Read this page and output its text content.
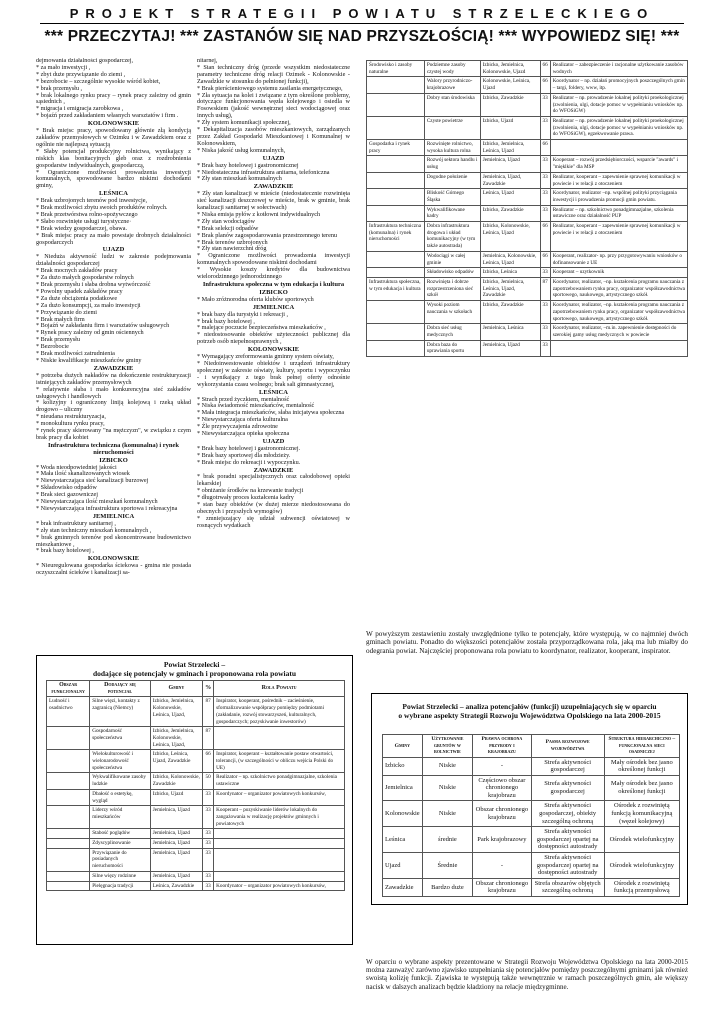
PROJEKT STRATEGII POWIATU STRZELECKIEGO
*** PRZECZYTAJ! *** ZASTANÓW SIĘ NAD PRZYSZŁOŚCIĄ! *** WYPOWIEDZ SIĘ! ***

dejmowania działalności gospodarczej,

* za mało inwestycji ,

* zbyt duże przywiązanie do ziemi ,

* bezrobocie – szczególnie wysokie wśród kobiet,

* brak przemysłu ,

* brak lokalnego rynku pracy – rynek pracy zależny od gmin sąsiednich ,

* migracja i emigracja zarobkowa ,

* bojaźń przed zakładaniem własnych warsztatów i firm .

KOLONOWSKIE

* Brak miejsc pracy, spowodowany głównie złą kondycją zakładów przemysłowych w Ozimku i w Zawadzkiem oraz z ogólnie nie najlepszą sytuacją

* Słaby potencjał produkcyjny rolnictwa, wynikający z niskich klas bonitacyjnych gleb oraz z rozdrobnienia gospodarstw indywidualnych, gospodarczą,

* Ograniczone możliwości prowadzenia inwestycji komunalnych, spowodowane bardzo niskimi dochodami gminy,

LEŚNICA

* Brak uzbrojonych terenów pod inwestycje,

* Brak możliwości zbytu swoich produktów rolnych.

* Brak przetwórstwa rolno-spożywczego

* Słabo rozwinięte usługi turystyczne·

* Brak wiedzy gospodarczej, obawa.

* Brak miejsc pracy za mało powstaje drobnych działalności gospodarczych

UJAZD

* Nieduża aktywność ludzi w zakresie podejmowania działalności gospodarczej

* Brak mocnych zakładów pracy

* Za dużo małych gospodarstw rolnych

* Brak przemysłu i słaba drobna wytwórczość

* Powolny upadek zakładów pracy

* Za duże obciążenia podatkowe

* Za dużo konsumpcji, za mało inwestycji

* Przywiązanie do ziemi

* Brak małych firm

* Bojaźń w zakładaniu firm i warsztatów usługowych

* Rynek pracy zależny od gmin ościennych

* Brak przemysłu

* Bezrobocie

* Brak możliwości zatrudnienia

* Niskie kwalifikacje mieszkańców gminy

ZAWADZKIE

* potrzeba dużych nakładów na dokończenie restrukturyzacji istniejących zakładów przemysłowych

* relatywnie słaba i mało konkurencyjna sieć zakładów usługowych i handlowych

* kolizyjny i ograniczony liniją kolejową i rzeką układ drogowo – uliczny

* nieudana restrukturyzacja,

* monokultura rynku pracy,

* rynek pracy skierowany "na mężczyzn", w związku z czym brak pracy dla kobiet

Infrastruktura techniczna (komunalna) i rynek nieruchomości

IZBICKO

* Woda nieodpowiedniej jakości

* Mała ilość skanalizowanych wiosek

* Niewystarczająca sieć kanalizacji burzowej

* Składowisko odpadów

* Brak sieci gazowniczej

* Niewystarczająca ilość mieszkań komunalnych

* Niewystarczająca infrastruktura sportowa i rekreacyjna

JEMIELNICA

* brak infrastruktury sanitarnej ,

* zły stan techniczny mieszkań komunalnych ,

* brak gminnych terenów pod skoncentrowane budownictwo mieszkaniowe ,

* brak bazy hotelowej ,

KOLONOWSKIE

* Nieuregulowana gospodarka ściekowa - gmina nie posiada oczyszczalni ścieków i kanalizacji sa-

nitarnej,

* Stan techniczny dróg (przede wszystkim niedostateczne parametry techniczne dróg relacji Ozimek - Kolonowskie - Zawadzkie w stosunku do pełnionej funkcji),

* Brak pierścieniowego systemu zasilania energetycznego,

* Zła sytuacja na kolei i związane z tym określone problemy, dotyczące funkcjonowania węzła kolejowego i osiedla w Fosowskiem (jakość wewnętrznej sieci wodociągowej oraz innych usług),

* Zły system komunikacji społecznej,

* Dekapitalizacja zasobów mieszkaniowych, zarządzanych przez Zakład Gospodarki Mieszkaniowej i Komunalnej w Kolonowskiem,

* Niska jakość usług komunalnych,

UJAZD

* Brak bazy hotelowej i gastronomicznej

* Niedostateczna infrastruktura anitarna, telefoniczna

* Zły stan mieszkań komunalnych

ZAWADZKIE

* Zły stan kanalizacji w mieście (niedostatecznie rozwinięta sieć kanalizacji deszczowej w mieście, brak w gminie, brak kanalizacji sanitarnej w sołectwach)

* Niska emisja pyłów z kotłowni indywidualnych

* Zły stan wodociągów

* Brak selekcji odpadów

* Brak planów zagospodarowania przestrzennego terenu

* Brak terenów uzbrojonych

* Zły stan nawierzchni dróg

* Ograniczone możliwości prowadzenia inwestycji komunalnych spowodowane niskimi dochodami

* Wysokie koszty kredytów dla budownictwa wielorodzinnego jednorodzinnego

Infrastruktura społeczna w tym edukacja i kultura

IZBICKO

* Mało zróżnorodna oferta klubów sportowych

JEMIELNICA

* brak bazy dla turystyki i rekreacji ,

* brak bazy hotelowej ,

* malejące poczucie bezpieczeństwa mieszkańców ,

* niedostosowanie obiektów użyteczności publicznej dla potrzeb osób niepełnosprawnych ,

KOLONOWSKIE

* Wymagający zreformowania gminny system oświaty,

* Niedoinwestowanie obiektów i urządzeń infrastruktury społecznej w zakresie oświaty, kultury, sportu i wypoczynku - i wynikający z tego brak pełnej oferty odnośnie wykorzystania czasu wolnego; brak sali gimnastycznej,

LEŚNICA

* Strach przed życzkiem, mentalność

* Niska świadomość mieszkańców, mentalność

* Mała integracja mieszkańców, słaba inicjatywa społeczna

* Niewystarczająca oferta kulturalna

* Źle przywyczajenia zdrowotne

* Niewystarczająca opieka społeczna

UJAZD

* Brak bazy hotelowej i gastronomicznej.

* Brak bazy sportowej dla młodzieży.

* Brak miejsc do rekreacji i wypoczynku.

ZAWADZKIE

* brak poradni specjalistycznych oraz całodobowej opieki lekarskiej

* obniżanie środków na krzewanie tradycji

* długotrwały proces kształcenia kadry

* stan bazy obiektów (w dużej mierze niedostosowana do obecnych i przyszłych wymogów)

* zmniejszający się udział subwencji oświatowej w rosnących wydatkach

Środowisko i zasoby naturalne	Podziemne zasoby czystej wody	Izbicko, Jemielnica, Kolonowskie, Ujazd	66	Realizator – zabezpieczenie i racjonalne użytkowanie zasobów wodnych
	Walory przyrodniczo-krajobrazowe	Kolonowskie, Leśnica, Ujazd	66	Koordynator – np. działań promocyjnych poszczególnych gmin – targi, foldery, www, itp.
	Dobry stan środowiska	Izbicko, Zawadzkie	33	Realizator – np. prowadzenie lokalnej polityki proekologicznej (zwolnienia, ulgi, dotacje pomoc w wypełnianiu wniosków np. do WFOSiGW)
	Czyste powietrze	Izbicko, Ujazd	33	Realizator – np. prowadzenie lokalnej polityki proekologicznej (zwolnienia, ulgi, dotacje pomoc w wypełnianiu wniosków np. do WFOSiGW), egzekwowanie prawa.
Gospodarka i rynek pracy	Rozwinięte rolnictwo, wysoka kultura rolna	Izbicko, Jemielnica, Leśnica, Ujazd	66	
	Rozwój sektora handlu i usług	Jemielnica, Ujazd	33	Kooperant – rozwój przedsiębiorczości, wsparcie "awards" i "mięklkie" dla MSP
	Dogodne położenie	Jemielnica, Ujazd, Zawadzkie	33	Realizator, kooperant – zapewnienie sprawnej komunikacji w powiecie i w relacji z otoczeniem
	Bliskość Górnego Śląska	Leśnica, Ujazd	33	Koordynator, realizator –np. wspólnej polityki przyciągania inwestycji i prowadzenia promocji gmin powiatu.
	Wykwalifikowane kadry	Izbicko, Zawadzkie	33	Realizator – np. szkolnictwo ponadgimnazjalne, szkolenia ustawiczne oraz działalność PUP
Infrastruktura techniczna (komunalna) i rynek nieruchomości	Dobra infrastruktura drogowa i układ komunikacyjny (w tym także autostrada)	Izbicko, Kolonowskie, Leśnica, Ujazd	66	Realizator, kooperant – zapewnienie sprawnej komunikacji w powiecie i w relacji z otoczeniem
	Wodociągi w całej gminie	Jemielnica, Kolonowskie, Leśnica, Ujazd	66	Kooperant, realizator- np. przy przygotowywaniu wniosków o dofinansowanie z UE
	Składowisko odpadów	Izbicko, Leśnica	33	Kooperant – uzytkownik
Infrastruktura społeczna, w tym edukacja i kultura	Rozwinięta i dobrze rozprzestrzeniona sieć szkół	Izbicko, Jemielnica, Leśnica, Ujazd, Zawadzkie	87	Koordynator, realizator, –np. kształcenia programu nauczania z zapotrzebowaniem rynku pracy, organizator współzawodnictwa sportowego, naukowego, artystycznego szkół.
	Wysoki poziom nauczania w szkołach	Izbicko, Zawadzkie	33	Koordynator, realizator, –np. kształcenia programu nauczania z zapotrzebowaniem rynku pracy, organizator współzawodnictwa sportowego, naukowego, artystycznego szkół.
	Dobra sieć usług medycznych	Jemielnica, Leśnica	33	Koordynator, realizator, –m.in. zapewnienie dostępności do szerokiej gamy usług medycznych w powiecie
	Dobra baza do uprawiania sportu	Jemielnica, Ujazd	33	
W powyższym zestawieniu zostały uwzględnione tylko te potencjały, które występują, w co najmniej dwóch gminach powiatu. Ponadto do większości potencjałów została przyporządkowana rola, jaką ma lub miałby do odegrania powiat. Najczęściej proponowana rola powiatu to koordynator, realizator, kooperant, inspirator.
Powiat Strzelecki –
dodające się potencjały w gminach i proponowana rola powiatu
Obszar funkcjonalny	Dodający się potencjał	Gminy	%	Rola Powiatu
Ludność i osadnictwo	Silne więzi, kontakty z zagranicą (Niemcy)	Izbicko, Jemielnica, Kolonowskie, Leśnica, Ujazd,	87	Inspirator, kooperant, pośrednik – zacieśnienie, sformalizowanie współpracy pomiędzy podmiotami (zakładanie, rozwój stowarzyszeń, kulturalnych, gospodarczych; pozyskiwanie inwestorów)
	Gospodarność społeczeństwa	Izbicko, Jemielnica, Kolonowskie, Leśnica, Ujazd,	87	
	Wielokulturowość i wielonarodowość społeczeństwa	Izbicko, Leśnica, Ujazd, Zawadzkie	66	Inspirator, kooperant – kształtowanie postaw otwartości, tolerancji, (w szczególności w obliczu wejścia Polski do UE)
	Wykwalifikowane zasoby ludzkie	Izbicko, Kolonowskie, Zawadzkie	50	Realizator – np. szkolnictwo ponadgimnazjalne, szkolenia ustawiczne
	Dbałość o estetykę, wygląd	Izbicko, Ujazd	33	Koordynator – organizator powiatowych konkursów,
	Liderzy wśród mieszkańców	Jemielnica, Ujazd	33	Kooperant – pozyskiwanie liderów lokalnych do zangażowania w realizację projektów gminnych i powiatowych
	Stabość poglądów	Jemielnica, Ujazd	33	
	Zdyscyplinowanie	Jemielnica, Ujazd	33	
	Przywiązanie do posiadanych nieruchomości	Jemielnica, Ujazd	33	
	Silne więzy rodzinne	Jemielnica, Ujazd	33	
	Pielęgnacja tradycji	Leśnica, Zawadzkie	33	Koordynator – organizator powiatowych konkursów,
Powiat Strzelecki – analiza potencjałów (funkcji) uzupełniających się w oparciu
o wybrane aspekty Strategii Rozwoju Województwa Opolskiego na lata 2000-2015
Gminy	Użytkowanie gruntów w rolnictwie	Prawna ochrona przyrody i krajobrazu	Pasma rozwojowe województwa	Struktura hierarchiczno – funkcjonalna sieci osadniczej
Izbicko	Niskie	-	Strefa aktywności gospodarczej	Mały ośrodek bez jasno określonej funkcji
Jemielnica	Niskie	Częściowo obszar chronionego krajobrazu	Strefa aktywności gospodarczej	Mały ośrodek bez jasno określonej funkcji
Kolonowskie	Niskie	Obszar chronionego krajobrazu	Strefa aktywności gospodarczej, obiekty szczególną ochroną	Ośrodek z rozwiniętą funkcją komunikacyjną (węzeł kolejowy)
Leśnica	średnie	Park krajobrazowy	Strefa aktywności gospodarczej opartej na dostępności autostrady	Ośrodek wielofunkcyjny
Ujazd	Średnie	-	Strefa aktywności gospodarczej opartej na dostępności autostrady	Ośrodek wielofunkcyjny
Zawadzkie	Bardzo duże	Obszar chronionego krajobrazu	Strefa obszarów objętych szczególną ochroną	Ośrodek z rozwiniętą funkcją przemysłową
W oparciu o wybrane aspekty prezentowane w Strategii Rozwoju Województwa Opolskiego na lata 2000-2015 można zauważyć zarówno zjawisko uzupełniania się potencjałów pomiędzy poszczególnymi gminami jak również swoistą kolizję funkcji. Zjawiska te występują także wewnętrznie w ramach poszczególnych gmin, ale większy nacisk w dalszych analizach będzie kładziony na relacje międzygminne.
